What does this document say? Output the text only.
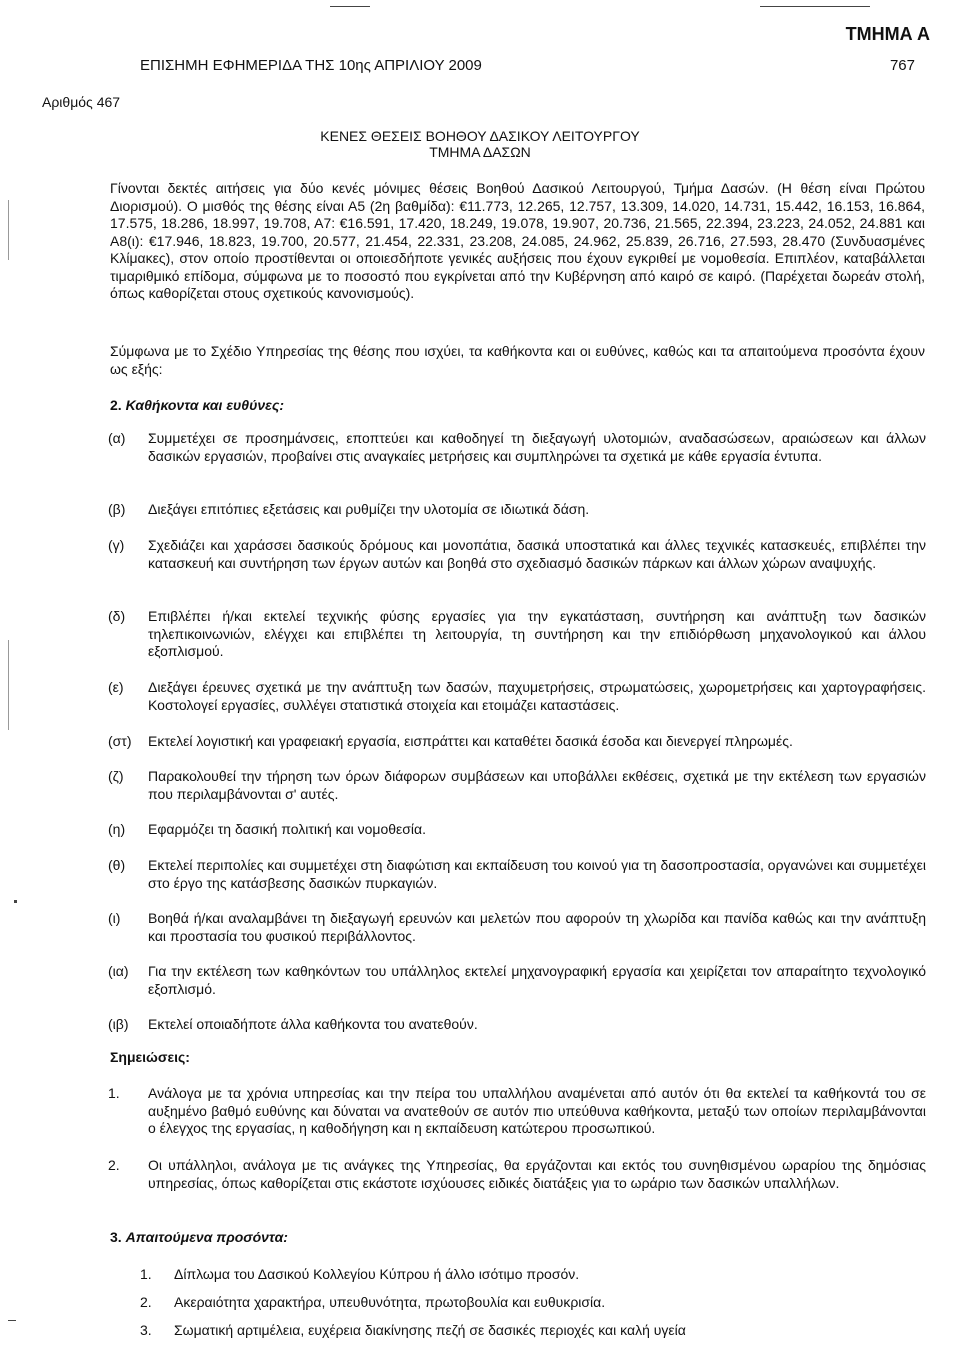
ΤΜΗΜΑ Α
ΕΠΙΣΗΜΗ ΕΦΗΜΕΡΙΔΑ ΤΗΣ 10ης ΑΠΡΙΛΙΟΥ 2009	767
Αριθμός 467
ΚΕΝΕΣ ΘΕΣΕΙΣ ΒΟΗΘΟΥ ΔΑΣΙΚΟΥ ΛΕΙΤΟΥΡΓΟΥ
ΤΜΗΜΑ ΔΑΣΩΝ
Γίνονται δεκτές αιτήσεις για δύο κενές μόνιμες θέσεις Βοηθού Δασικού Λειτουργού, Τμήμα Δασών. (Η θέση είναι Πρώτου Διορισμού). Ο μισθός της θέσης είναι Α5 (2η βαθμίδα): €11.773, 12.265, 12.757, 13.309, 14.020, 14.731, 15.442, 16.153, 16.864, 17.575, 18.286, 18.997, 19.708, Α7: €16.591, 17.420, 18.249, 19.078, 19.907, 20.736, 21.565, 22.394, 23.223, 24.052, 24.881 και Α8(ι): €17.946, 18.823, 19.700, 20.577, 21.454, 22.331, 23.208, 24.085, 24.962, 25.839, 26.716, 27.593, 28.470 (Συνδυασμένες Κλίμακες), στον οποίο προστίθενται οι οποιεσδήποτε γενικές αυξήσεις που έχουν εγκριθεί με νομοθεσία. Επιπλέον, καταβάλλεται τιμαριθμικό επίδομα, σύμφωνα με το ποσοστό που εγκρίνεται από την Κυβέρνηση από καιρό σε καιρό. (Παρέχεται δωρεάν στολή, όπως καθορίζεται στους σχετικούς κανονισμούς).
Σύμφωνα με το Σχέδιο Υπηρεσίας της θέσης που ισχύει, τα καθήκοντα και οι ευθύνες, καθώς και τα απαιτούμενα προσόντα έχουν ως εξής:
2. Καθήκοντα και ευθύνες:
(α) Συμμετέχει σε προσημάνσεις, εποπτεύει και καθοδηγεί τη διεξαγωγή υλοτομιών, αναδασώσεων, αραιώσεων και άλλων δασικών εργασιών, προβαίνει στις αναγκαίες μετρήσεις και συμπληρώνει τα σχετικά με κάθε εργασία έντυπα.
(β) Διεξάγει επιτόπιες εξετάσεις και ρυθμίζει την υλοτομία σε ιδιωτικά δάση.
(γ) Σχεδιάζει και χαράσσει δασικούς δρόμους και μονοπάτια, δασικά υποστατικά και άλλες τεχνικές κατασκευές, επιβλέπει την κατασκευή και συντήρηση των έργων αυτών και βοηθά στο σχεδιασμό δασικών πάρκων και άλλων χώρων αναψυχής.
(δ) Επιβλέπει ή/και εκτελεί τεχνικής φύσης εργασίες για την εγκατάσταση, συντήρηση και ανάπτυξη των δασικών τηλεπικοινωνιών, ελέγχει και επιβλέπει τη λειτουργία, τη συντήρηση και την επιδιόρθωση μηχανολογικού και άλλου εξοπλισμού.
(ε) Διεξάγει έρευνες σχετικά με την ανάπτυξη των δασών, παχυμετρήσεις, στρωματώσεις, χωρομετρήσεις και χαρτογραφήσεις. Κοστολογεί εργασίες, συλλέγει στατιστικά στοιχεία και ετοιμάζει καταστάσεις.
(στ) Εκτελεί λογιστική και γραφειακή εργασία, εισπράττει και καταθέτει δασικά έσοδα και διενεργεί πληρωμές.
(ζ) Παρακολουθεί την τήρηση των όρων διάφορων συμβάσεων και υποβάλλει εκθέσεις, σχετικά με την εκτέλεση των εργασιών που περιλαμβάνονται σ' αυτές.
(η) Εφαρμόζει τη δασική πολιτική και νομοθεσία.
(θ) Εκτελεί περιπολίες και συμμετέχει στη διαφώτιση και εκπαίδευση του κοινού για τη δασοπροστασία, οργανώνει και συμμετέχει στο έργο της κατάσβεσης δασικών πυρκαγιών.
(ι) Βοηθά ή/και αναλαμβάνει τη διεξαγωγή ερευνών και μελετών που αφορούν τη χλωρίδα και πανίδα καθώς και την ανάπτυξη και προστασία του φυσικού περιβάλλοντος.
(ια) Για την εκτέλεση των καθηκόντων του υπάλληλος εκτελεί μηχανογραφική εργασία και χειρίζεται τον απαραίτητο τεχνολογικό εξοπλισμό.
(ιβ) Εκτελεί οποιαδήποτε άλλα καθήκοντα του ανατεθούν.
Σημειώσεις:
1. Ανάλογα με τα χρόνια υπηρεσίας και την πείρα του υπαλλήλου αναμένεται από αυτόν ότι θα εκτελεί τα καθήκοντά του σε αυξημένο βαθμό ευθύνης και δύναται να ανατεθούν σε αυτόν πιο υπεύθυνα καθήκοντα, μεταξύ των οποίων περιλαμβάνονται ο έλεγχος της εργασίας, η καθοδήγηση και η εκπαίδευση κατώτερου προσωπικού.
2. Οι υπάλληλοι, ανάλογα με τις ανάγκες της Υπηρεσίας, θα εργάζονται και εκτός του συνηθισμένου ωραρίου της δημόσιας υπηρεσίας, όπως καθορίζεται στις εκάστοτε ισχύουσες ειδικές διατάξεις για το ωράριο των δασικών υπαλλήλων.
3. Απαιτούμενα προσόντα:
1. Δίπλωμα του Δασικού Κολλεγίου Κύπρου ή άλλο ισότιμο προσόν.
2. Ακεραιότητα χαρακτήρα, υπευθυνότητα, πρωτοβουλία και ευθυκρισία.
3. Σωματική αρτιμέλεια, ευχέρεια διακίνησης πεζή σε δασικές περιοχές και καλή υγεία
